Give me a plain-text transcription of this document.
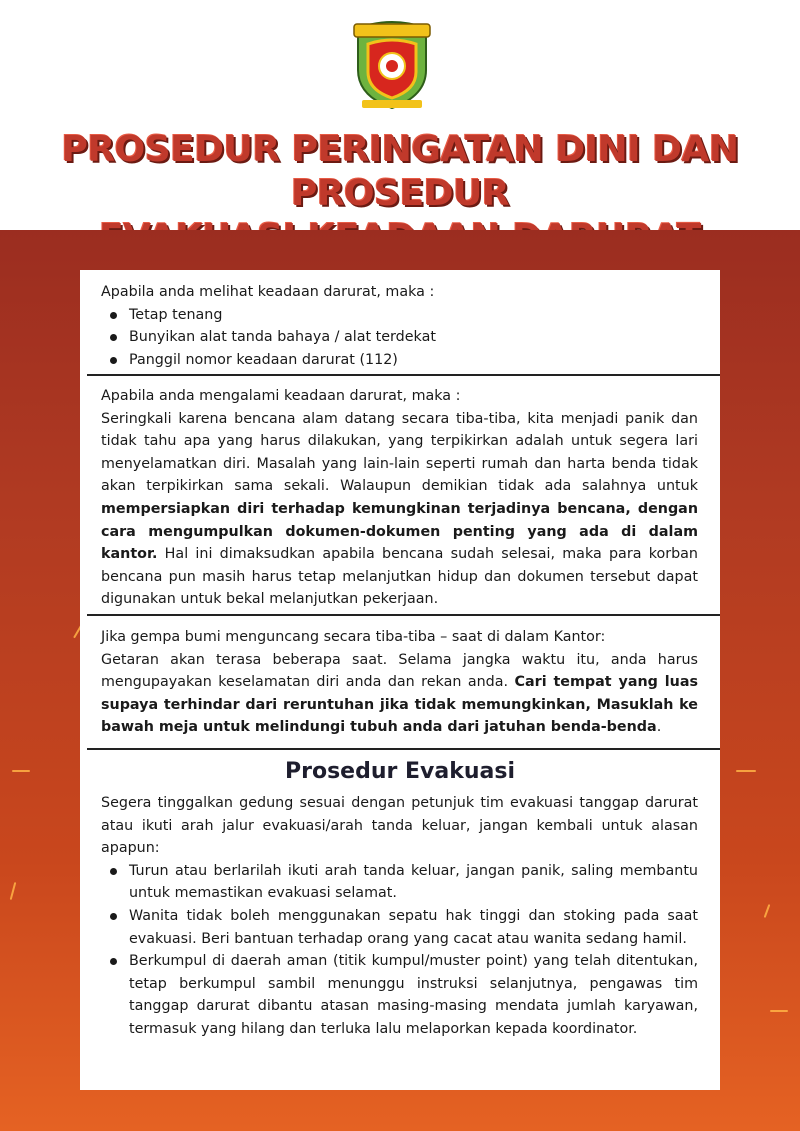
PROSEDUR PERINGATAN DINI DAN PROSEDUR
Apabila anda melihat keadaan darurat, maka :
Tetap tenang
Bunyikan alat tanda bahaya / alat terdekat
Panggil nomor keadaan darurat (112)
Apabila anda mengalami keadaan darurat, maka :
Seringkali karena bencana alam datang secara tiba-tiba, kita menjadi panik dan tidak tahu apa yang harus dilakukan, yang terpikirkan adalah untuk segera lari menyelamatkan diri. Masalah yang lain-lain seperti rumah dan harta benda tidak akan terpikirkan sama sekali. Walaupun demikian tidak ada salahnya untuk mempersiapkan diri terhadap kemungkinan terjadinya bencana, dengan cara mengumpulkan dokumen-dokumen penting yang ada di dalam kantor. Hal ini dimaksudkan apabila bencana sudah selesai, maka para korban bencana pun masih harus tetap melanjutkan hidup dan dokumen tersebut dapat digunakan untuk bekal melanjutkan pekerjaan.
Jika gempa bumi menguncang secara tiba-tiba – saat di dalam Kantor:
Getaran akan terasa beberapa saat. Selama jangka waktu itu, anda harus mengupayakan keselamatan diri anda dan rekan anda. Cari tempat yang luas supaya terhindar dari reruntuhan jika tidak memungkinkan, Masuklah ke bawah meja untuk melindungi tubuh anda dari jatuhan benda-benda.
Prosedur Evakuasi
Segera tinggalkan gedung sesuai dengan petunjuk tim evakuasi tanggap darurat atau ikuti arah jalur evakuasi/arah tanda keluar, jangan kembali untuk alasan apapun:
Turun atau berlarilah ikuti arah tanda keluar, jangan panik, saling membantu untuk memastikan evakuasi selamat.
Wanita tidak boleh menggunakan sepatu hak tinggi dan stoking pada saat evakuasi. Beri bantuan terhadap orang yang cacat atau wanita sedang hamil.
Berkumpul di daerah aman (titik kumpul/muster point) yang telah ditentukan, tetap berkumpul sambil menunggu instruksi selanjutnya, pengawas tim tanggap darurat dibantu atasan masing-masing mendata jumlah karyawan, termasuk yang hilang dan terluka lalu melaporkan kepada koordinator.
